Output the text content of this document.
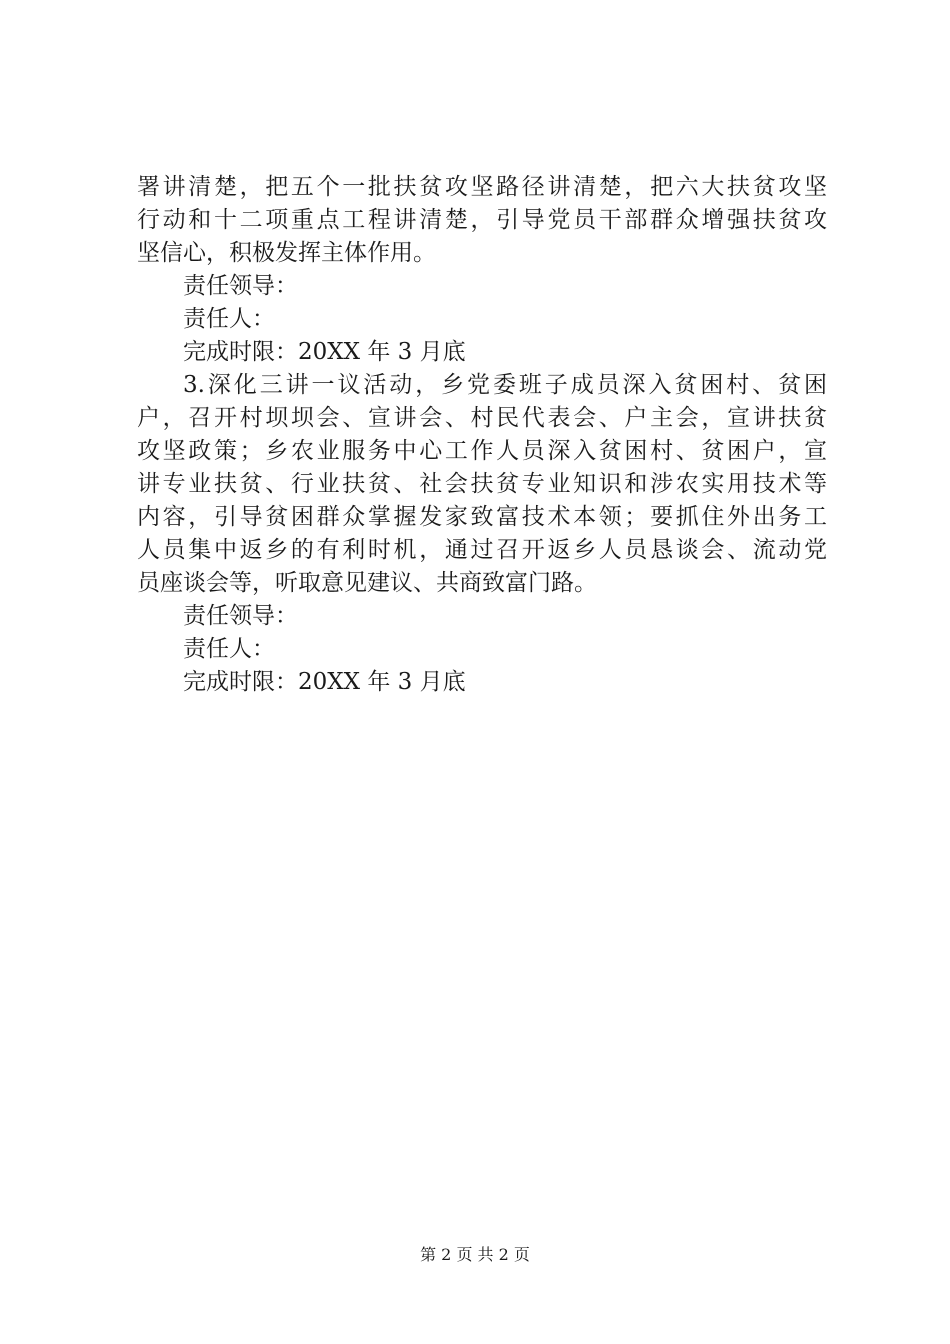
署讲清楚，把五个一批扶贫攻坚路径讲清楚，把六大扶贫攻坚
行动和十二项重点工程讲清楚，引导党员干部群众增强扶贫攻
坚信心，积极发挥主体作用。
责任领导：
责任人：
完成时限：20XX 年 3 月底
3.深化三讲一议活动，乡党委班子成员深入贫困村、贫困
户，召开村坝坝会、宣讲会、村民代表会、户主会，宣讲扶贫
攻坚政策；乡农业服务中心工作人员深入贫困村、贫困户，宣
讲专业扶贫、行业扶贫、社会扶贫专业知识和涉农实用技术等
内容，引导贫困群众掌握发家致富技术本领；要抓住外出务工
人员集中返乡的有利时机，通过召开返乡人员恳谈会、流动党
员座谈会等，听取意见建议、共商致富门路。
责任领导：
责任人：
完成时限：20XX 年 3 月底
第 2 页 共 2 页
